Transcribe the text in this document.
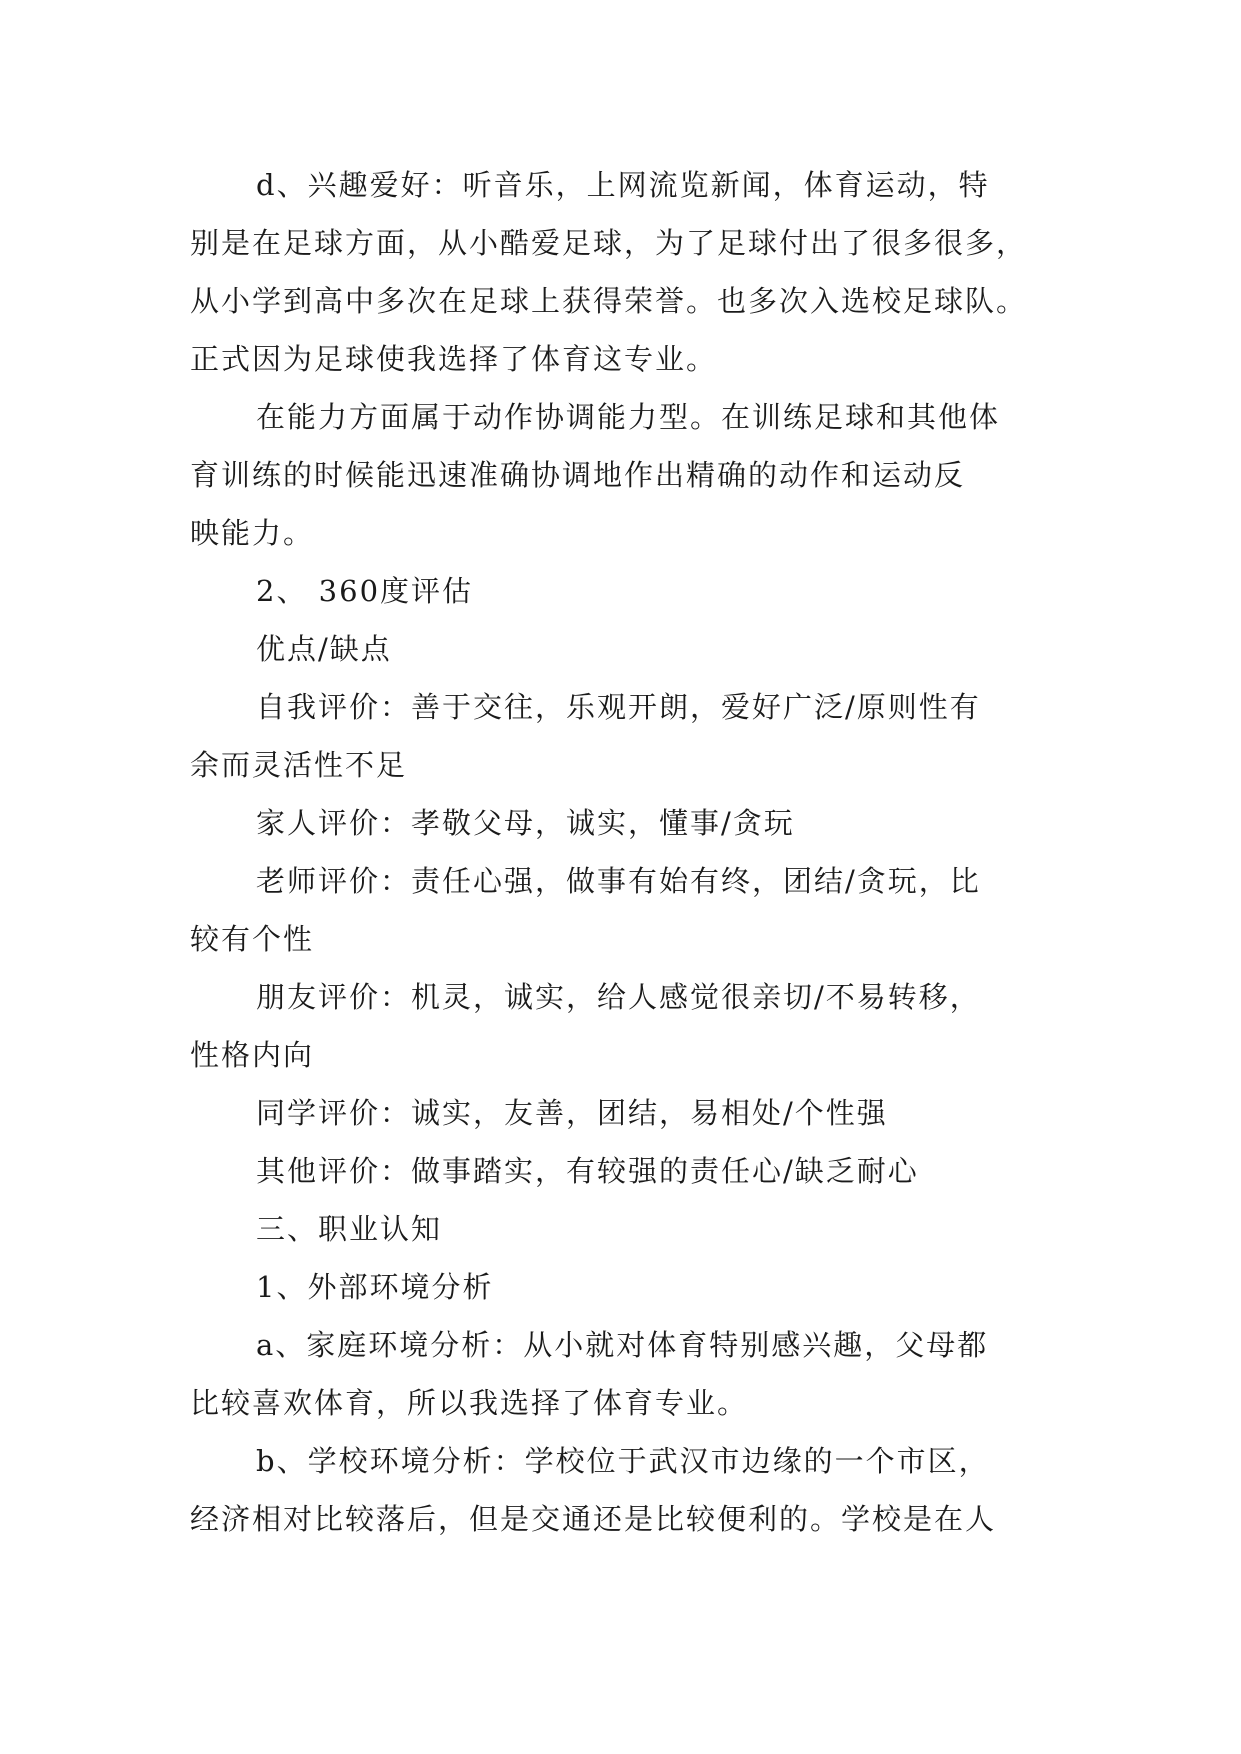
d、兴趣爱好：听音乐，上网流览新闻，体育运动，特
别是在足球方面，从小酷爱足球，为了足球付出了很多很多，
从小学到高中多次在足球上获得荣誉。也多次入选校足球队。
正式因为足球使我选择了体育这专业。
在能力方面属于动作协调能力型。在训练足球和其他体
育训练的时候能迅速准确协调地作出精确的动作和运动反
映能力。
2、 360度评估
优点/缺点
自我评价：善于交往，乐观开朗，爱好广泛/原则性有
余而灵活性不足
家人评价：孝敬父母，诚实，懂事/贪玩
老师评价：责任心强，做事有始有终，团结/贪玩，比
较有个性
朋友评价：机灵，诚实，给人感觉很亲切/不易转移，
性格内向
同学评价：诚实，友善，团结，易相处/个性强
其他评价：做事踏实，有较强的责任心/缺乏耐心
三、职业认知
1、外部环境分析
a、家庭环境分析：从小就对体育特别感兴趣，父母都
比较喜欢体育，所以我选择了体育专业。
b、学校环境分析：学校位于武汉市边缘的一个市区，
经济相对比较落后，但是交通还是比较便利的。学校是在人
